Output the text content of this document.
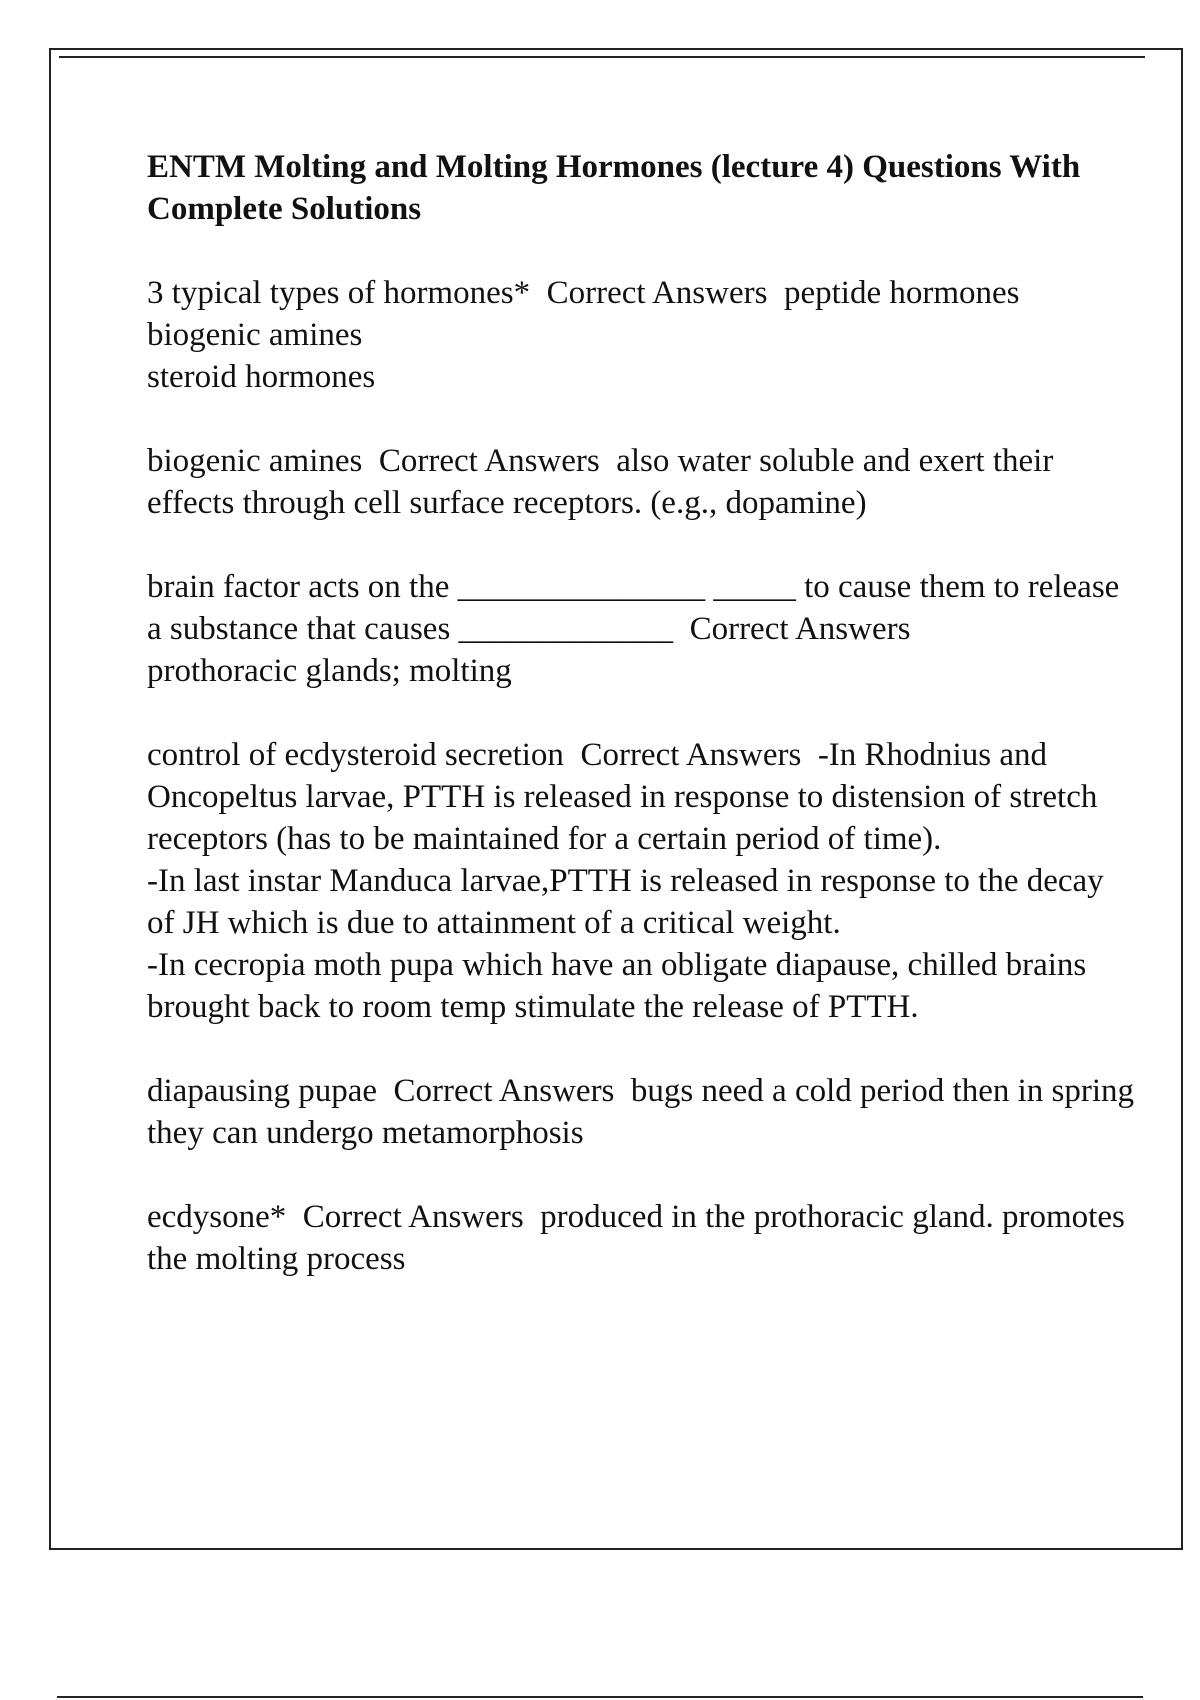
ENTM Molting and Molting Hormones (lecture 4) Questions With Complete Solutions
3 typical types of hormones* Correct Answers peptide hormones
biogenic amines
steroid hormones
biogenic amines Correct Answers also water soluble and exert their effects through cell surface receptors. (e.g., dopamine)
brain factor acts on the _______________ _____ to cause them to release a substance that causes _____________ Correct Answers
prothoracic glands; molting
control of ecdysteroid secretion Correct Answers -In Rhodnius and Oncopeltus larvae, PTTH is released in response to distension of stretch receptors (has to be maintained for a certain period of time).
-In last instar Manduca larvae,PTTH is released in response to the decay of JH which is due to attainment of a critical weight.
-In cecropia moth pupa which have an obligate diapause, chilled brains brought back to room temp stimulate the release of PTTH.
diapausing pupae Correct Answers bugs need a cold period then in spring they can undergo metamorphosis
ecdysone* Correct Answers produced in the prothoracic gland. promotes the molting process
